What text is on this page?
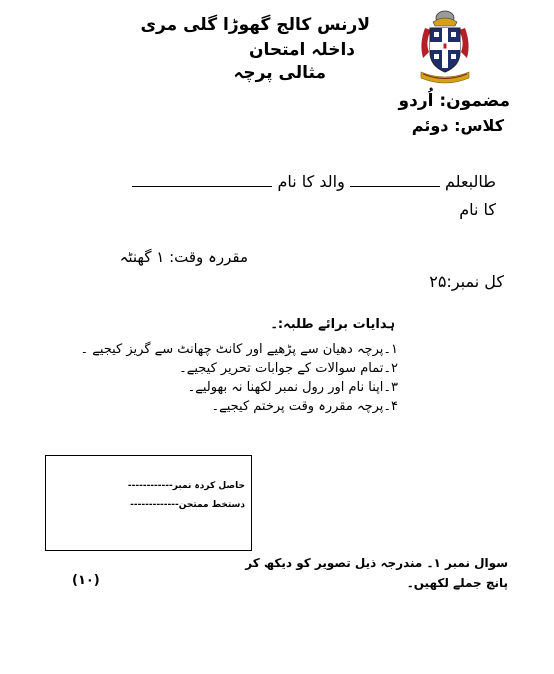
لارنس کالج گھوڑا گلی مری
داخلہ امتحان
مثالی پرچہ
مضمون: اُردو
کلاس: دوئم
طالبعلم  والد کا نام
کا نام
مقررہ وقت: ۱ گھنٹہ
کل نمبر:۲۵
ہدایات برائے طلبہ:۔
۱۔پرچہ دھیان سے پڑھیے اور کانٹ چھانٹ سے گریز کیجیے ۔
۲۔تمام سوالات کے جوابات تحریر کیجیے۔
۳۔اپنا نام اور رول نمبر لکھنا نہ بھولیے۔
۴۔پرچہ مقررہ وقت پرختم کیجیے۔
حاصل کردہ نمبر------------
دستخط ممتحن-------------
سوال نمبر ۱۔ مندرجہ ذیل تصویر کو دیکھ کر
پانچ جملے لکھیں۔
(۱۰)
